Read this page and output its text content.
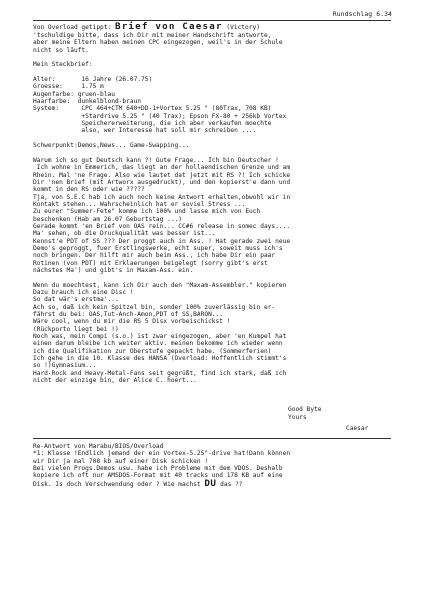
Rundschlag 6.34
Von Overload getippt: Brief von Caesar (Victory)
'tschuldige bitte, dass ich Dir mit meiner Handschrift antworte,
aber meine Eltern haben meinen CPC eingezogen, weil's in der Schule
nicht so läuft.
Mein Steckbrief:
Alter:       16 Jahre (26.07.75)
Groesse:     1.75 m
Augenfarbe: gruen-blau
Haarfarbe:  dunkelblond-braun
System:      CPC 464+CTM 640+DD-1+Vortex 5.25 " (80Trax, 708 KB)
+Stardrive 5.25 " (40 Trax); Epson FX-80 + 256kb Vortex
Speichererweiterung, die ich aber verkaufen moechte
also, wer Interesse hat soll mir schreiben ....
Schwerpunkt:Demos,News... Game-Swapping...
Warum ich so gut Deutsch kann ?! Gute Frage... Ich bin Deutscher !
Ich wohne in Emmerich, das liegt an der hollaendischen Grenze und am
Rhein. Mal 'ne Frage. Also wie lautet dat jetzt mit RS ?! Ich schicke
Dir 'nen Brief (mit Artworx ausgedruckt), und den kopierst'e dann und
kommt in den RS oder wie ?????
Tja, von S.E.C hab ich auch noch keine Antwort erhalten,obwohl wir in
Kontakt stehen... Wahrscheinlich hat er soviel Stress ...
Zu eurer "Summer-Fete" komme ich 100% und lasse mich von Euch
beschenken (Hab am 26.07 Geburtstag ...)
Gerade kommt 'en Brief von OAS rein... CC#6 release in somec days....
Ma' sehen, ob die Druckqualität was besser ist...
Kennst'e PDT of SS ??? Der proggt auch in Ass. ! Hat gerade zwei neue
Demo's geproggt, fuer Erstlingswerke, echt super, soweit muss ich's
noch bringen. Der hilft mir auch beim Ass., ich habe Dir ein paar
Rotinen (von PDT) mit Erklaerungen beigelegt (sorry gibt's erst
nächstes Ma') und gibt's in Maxam-Ass. ein.
Wenn du moechtest, kann ich Dir auch den "Maxam-Assembler." kopieren
Dazu brauch ich eine Disc !
So dat wär's erstma'...
Ach so, daß ich kein Spitzel bin, sonder 100% zuverlässig bin er-
fährst du bei: OAS,Tut-Anch-Amon,PDT of SS,BARON...
Wäre cool, wenn du mir die RS 5 Disx vorbeischickst !
(Rückporto liegt bei !)
Noch was, mein Compi (s.o.) ist zwar eingezogen, aber 'en Kumpel hat
einen darum bleibe ich weiter aktiv. meinen bekomme ich wieder wenn
ich die Qualifikation zur Oberstufe gepackt habe. (Sommerferien)
Ich gehe in die 10. Klasse des HANSA (Overload: Hoffentlich stimmt's
so !)Gymnasium...
Hard-Rock and Heavy-Metal-Fans seit gegrüßt, find ich stark, daß ich
nicht der einzige bin, der Alice C. hoert...
Good Byte
Yours
Caesar
Re-Antwort von Marabu/BIOS/Overload
*1: Klasse !Endlich jemand der ein Vortex-5.25"-drive hat!Dann können
wir Dir ja mal 708 kb auf einer Disk schicken !
Bei vielen Progs.Demos usw. habe ich Probleme mit dem VDOS. Deshalb
kopiere ich oft nur AMSDOS-Format mit 40 tracks und 178 KB auf eine
Disk. Is doch Verschwendung oder ? Wie machst DU das ??
